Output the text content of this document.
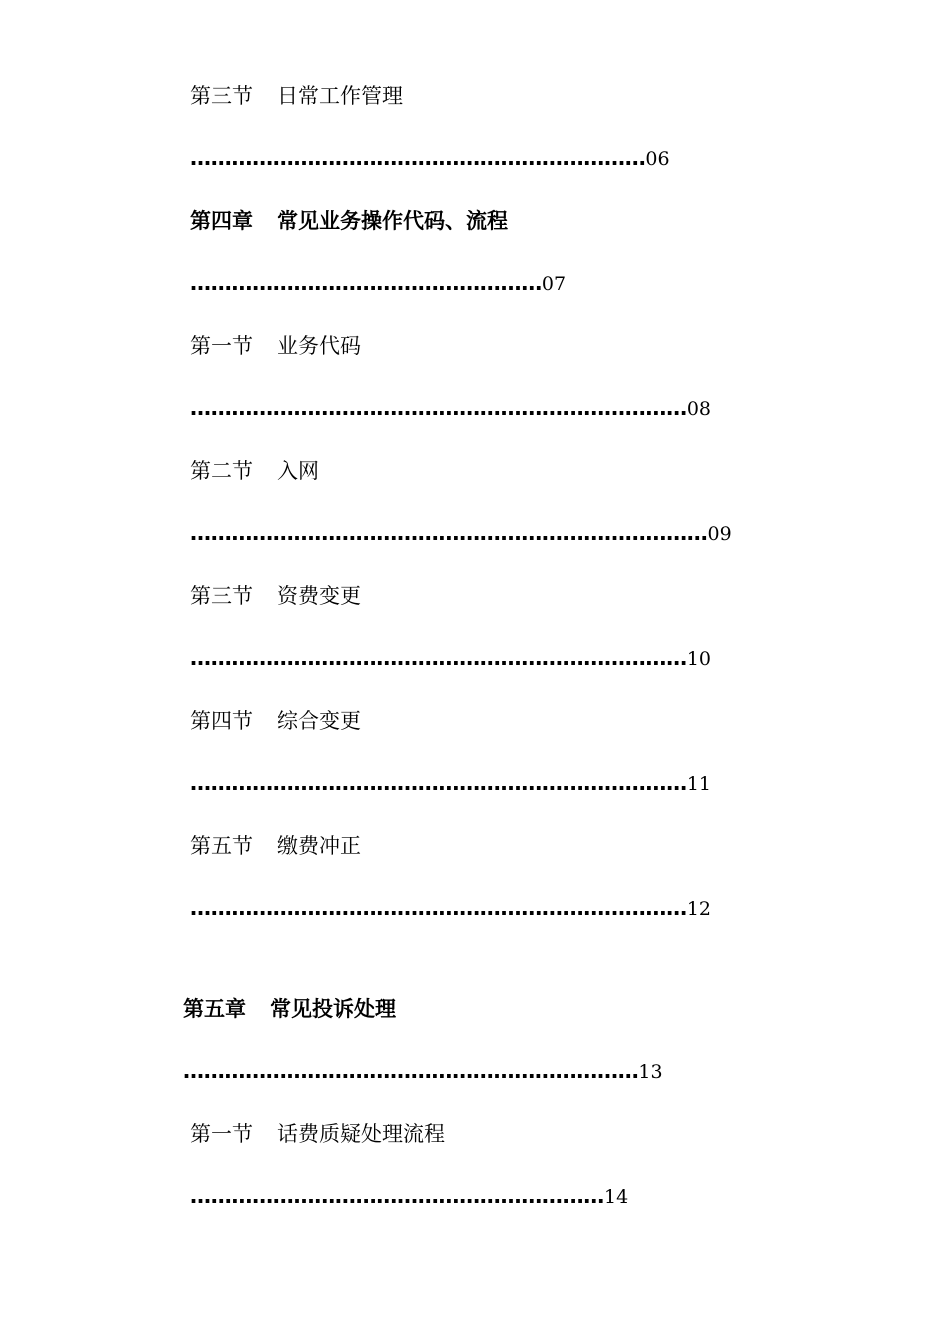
第三节 日常工作管理
…………………………………………………………06
第四章 常见业务操作代码、流程
……………………………………………07
第一节 业务代码
………………………………………………………………08
第二节 入网
…………………………………………………………………09
第三节 资费变更
………………………………………………………………10
第四节 综合变更
………………………………………………………………11
第五节 缴费冲正
………………………………………………………………12
第五章 常见投诉处理
…………………………………………………………13
第一节 话费质疑处理流程
……………………………………………………14
